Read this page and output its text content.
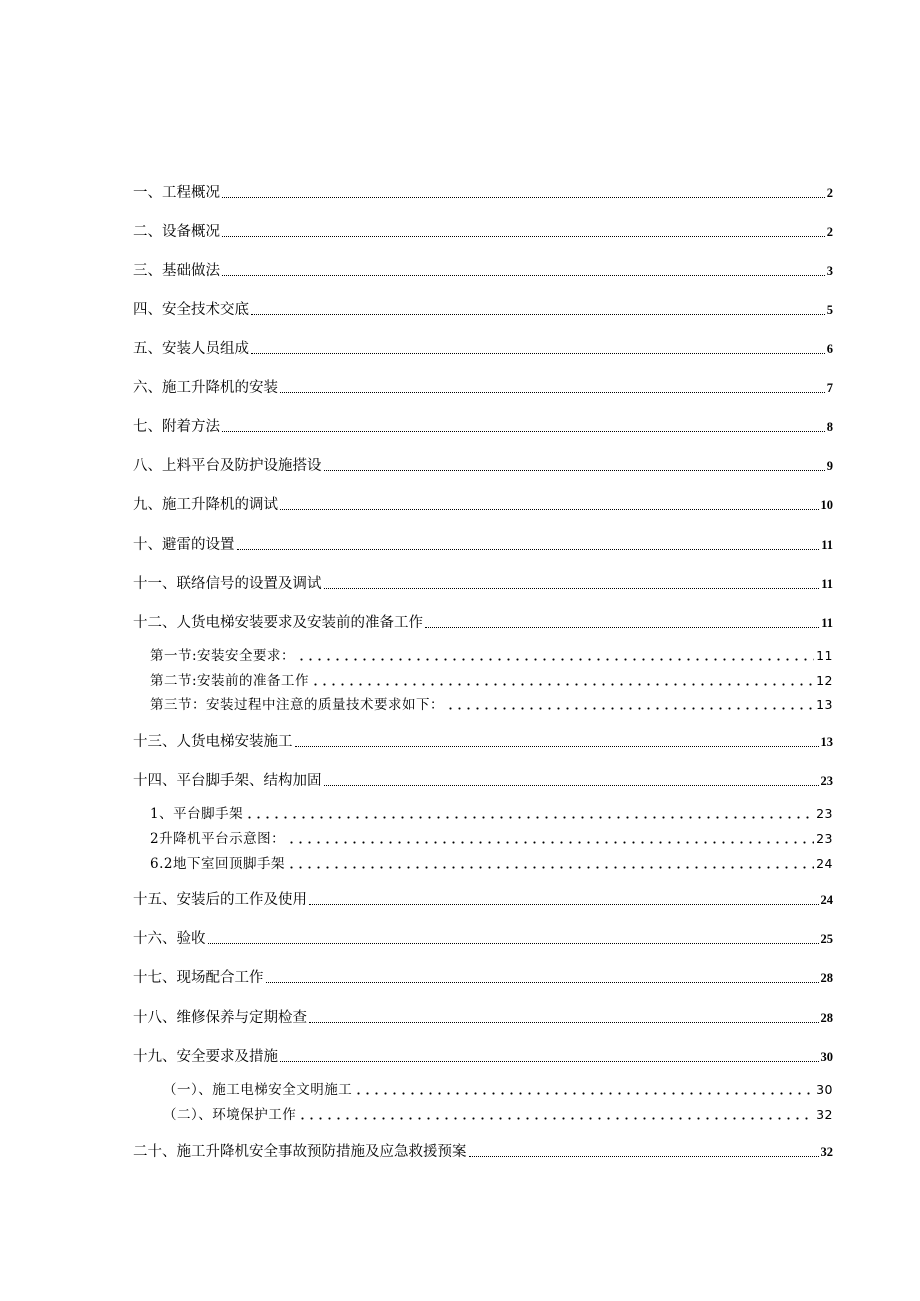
一、工程概况	2
二、设备概况	2
三、基础做法	3
四、安全技术交底	5
五、安装人员组成	6
六、施工升降机的安装	7
七、附着方法	8
八、上料平台及防护设施搭设	9
九、施工升降机的调试	10
十、避雷的设置	11
十一、联络信号的设置及调试	11
十二、人货电梯安装要求及安装前的准备工作	11
第一节:安装安全要求：	11
第二节:安装前的准备工作	12
第三节：安装过程中注意的质量技术要求如下：	13
十三、人货电梯安装施工	13
十四、平台脚手架、结构加固	23
1、平台脚手架	23
2升降机平台示意图：	23
6.2地下室回顶脚手架	24
十五、安装后的工作及使用	24
十六、验收	25
十七、现场配合工作	28
十八、维修保养与定期检查	28
十九、安全要求及措施	30
（一）、施工电梯安全文明施工	30
（二）、环境保护工作	32
二十、施工升降机安全事故预防措施及应急救援预案	32
